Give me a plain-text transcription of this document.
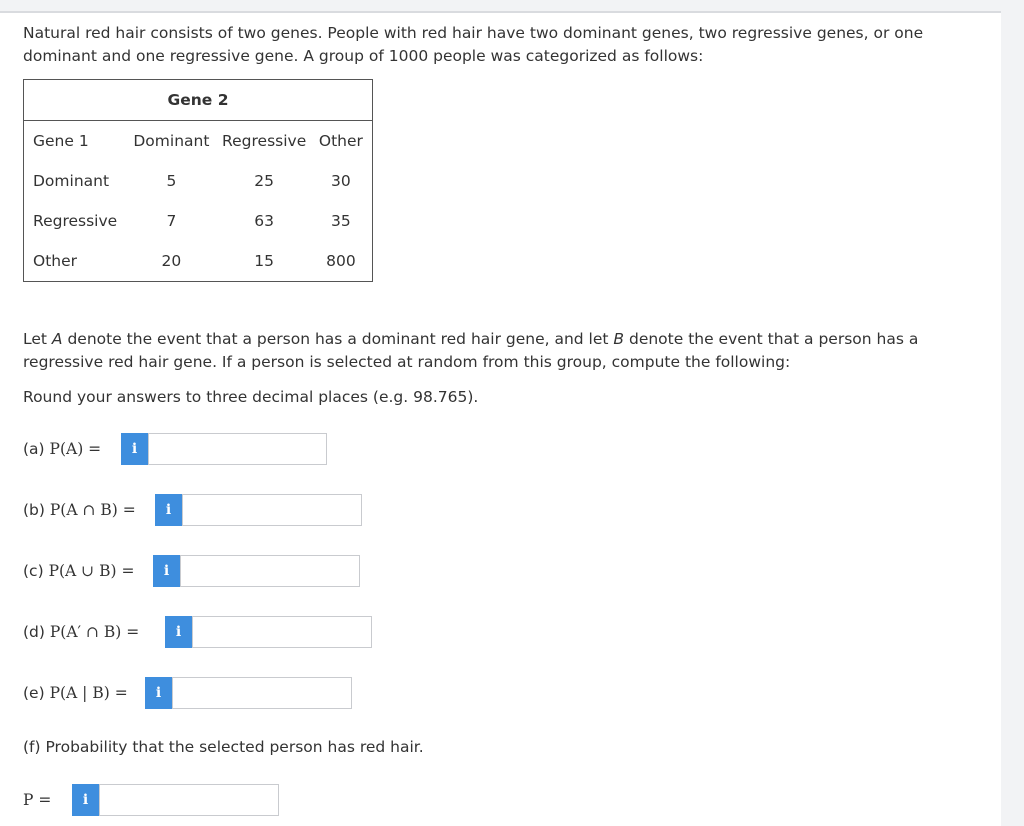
Natural red hair consists of two genes. People with red hair have two dominant genes, two regressive genes, or one dominant and one regressive gene. A group of 1000 people was categorized as follows:
Gene 2			
Gene 1	Dominant	Regressive	Other
Dominant	5	25	30
Regressive	7	63	35
Other	20	15	800
Let A denote the event that a person has a dominant red hair gene, and let B denote the event that a person has a regressive red hair gene. If a person is selected at random from this group, compute the following:
Round your answers to three decimal places (e.g. 98.765).
(a)
P(A) =	i
(b)
P(A ∩ B) =	i
(c)
P(A ∪ B) =	i
(d)
P(A′ ∩ B) =	i
(e)
P(A | B) =	i
(f) Probability that the selected person has red hair.
P =	i
